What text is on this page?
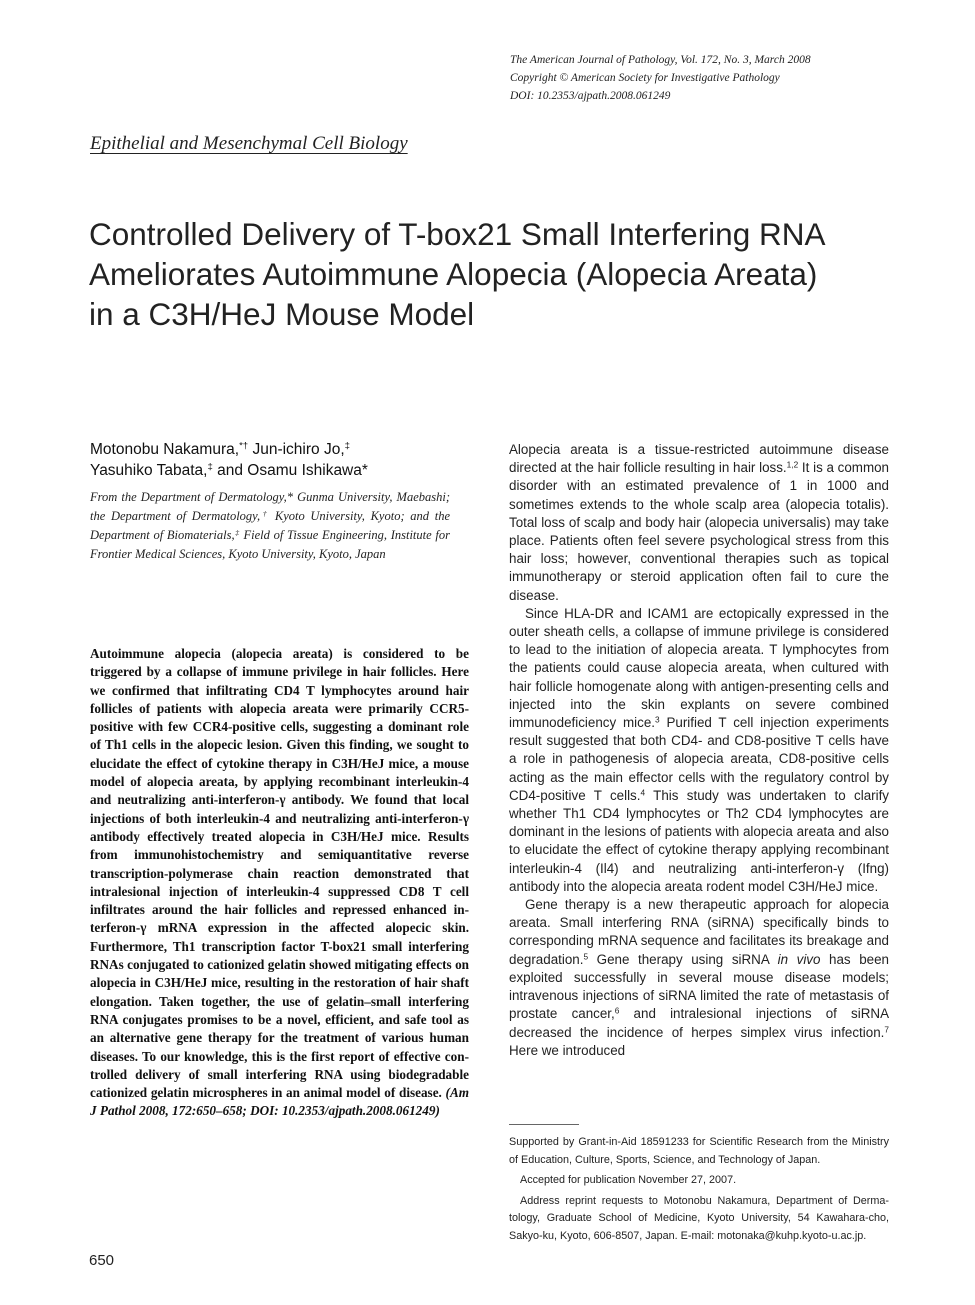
The American Journal of Pathology, Vol. 172, No. 3, March 2008
Copyright © American Society for Investigative Pathology
DOI: 10.2353/ajpath.2008.061249
Epithelial and Mesenchymal Cell Biology
Controlled Delivery of T-box21 Small Interfering RNA
Ameliorates Autoimmune Alopecia (Alopecia Areata)
in a C3H/HeJ Mouse Model
Motonobu Nakamura,*† Jun-ichiro Jo,‡
Yasuhiko Tabata,‡ and Osamu Ishikawa*
From the Department of Dermatology,* Gunma University, Maebashi; the Department of Dermatology,† Kyoto University, Kyoto; and the Department of Biomaterials,‡ Field of Tissue Engineering, Institute for Frontier Medical Sciences, Kyoto University, Kyoto, Japan
Autoimmune alopecia (alopecia areata) is considered to be triggered by a collapse of immune privilege in hair follicles. Here we confirmed that infiltrating CD4 T lymphocytes around hair follicles of patients with alopecia areata were primarily CCR5-positive with few CCR4-positive cells, suggesting a dominant role of Th1 cells in the alopecic lesion. Given this finding, we sought to elucidate the effect of cytokine therapy in C3H/HeJ mice, a mouse model of alopecia areata, by applying recombinant interleukin-4 and neutralizing anti-interferon-γ antibody. We found that local injections of both interleukin-4 and neutralizing anti-interferon-γ antibody effectively treated alopecia in C3H/​HeJ mice. Results from immunohistochemistry and semiquantitative reverse transcription-polymerase chain reaction demonstrated that intralesional injection of interleukin-4 suppressed CD8 T cell infiltrates around the hair follicles and repressed enhanced interferon-γ mRNA expression in the affected alopecic skin. Furthermore, Th1 transcription factor T-box21 small interfering RNAs conjugated to cationized gelatin showed mitigating effects on alopecia in C3H/HeJ mice, resulting in the restoration of hair shaft elongation. Taken together, the use of gelatin–small interfering RNA conjugates promises to be a novel, efficient, and safe tool as an alternative gene therapy for the treatment of various human diseases. To our knowledge, this is the first report of effective controlled delivery of small interfering RNA using biodegradable cationized gelatin microspheres in an animal model of disease. (Am J Pathol 2008, 172:650–658; DOI: 10.2353/ajpath.2008.061249)

Alopecia areata is a tissue-restricted autoimmune disease directed at the hair follicle resulting in hair loss.$^{1,2}$ It is a common disorder with an estimated prevalence of 1 in 1000 and sometimes extends to the whole scalp area (alopecia totalis). Total loss of scalp and body hair (alopecia universalis) may take place. Patients often feel severe psychological stress from this hair loss; however, conventional therapies such as topical immunotherapy or steroid application often fail to cure the disease.

Since HLA-DR and ICAM1 are ectopically expressed in the outer sheath cells, a collapse of immune privilege is considered to lead to the initiation of alopecia areata. T lymphocytes from the patients could cause alopecia areata, when cultured with hair follicle homogenate along with antigen-presenting cells and injected into the skin explants on severe combined immunodeficiency mice.$^3$ Purified T cell injection experiments result suggested that both CD4- and CD8-positive T cells have a role in pathogenesis of alopecia areata, CD8-positive cells acting as the main effector cells with the regulatory control by CD4-positive T cells.$^4$ This study was undertaken to clarify whether Th1 CD4 lymphocytes or Th2 CD4 lymphocytes are dominant in the lesions of patients with alopecia areata and also to elucidate the effect of cytokine therapy applying recombinant interleukin-4 (Il4) and neutralizing anti-interferon-γ (Ifng) antibody into the alopecia areata rodent model C3H/HeJ mice.

Gene therapy is a new therapeutic approach for alopecia areata. Small interfering RNA (siRNA) specifically binds to corresponding mRNA sequence and facilitates its breakage and degradation.$^5$ Gene therapy using siRNA in vivo has been exploited successfully in several mouse disease models; intravenous injections of siRNA limited the rate of metastasis of prostate cancer,$^6$ and intralesional injections of siRNA decreased the incidence of herpes simplex virus infection.$^7$ Here we introduced

Supported by Grant-in-Aid 18591233 for Scientific Research from the Ministry of Education, Culture, Sports, Science, and Technology of Japan.

Accepted for publication November 27, 2007.

Address reprint requests to Motonobu Nakamura, Department of Dermatology, Graduate School of Medicine, Kyoto University, 54 Kawahara-cho, Sakyo-ku, Kyoto, 606-8507, Japan. E-mail: motonaka@kuhp.kyoto-u.ac.jp.

650
